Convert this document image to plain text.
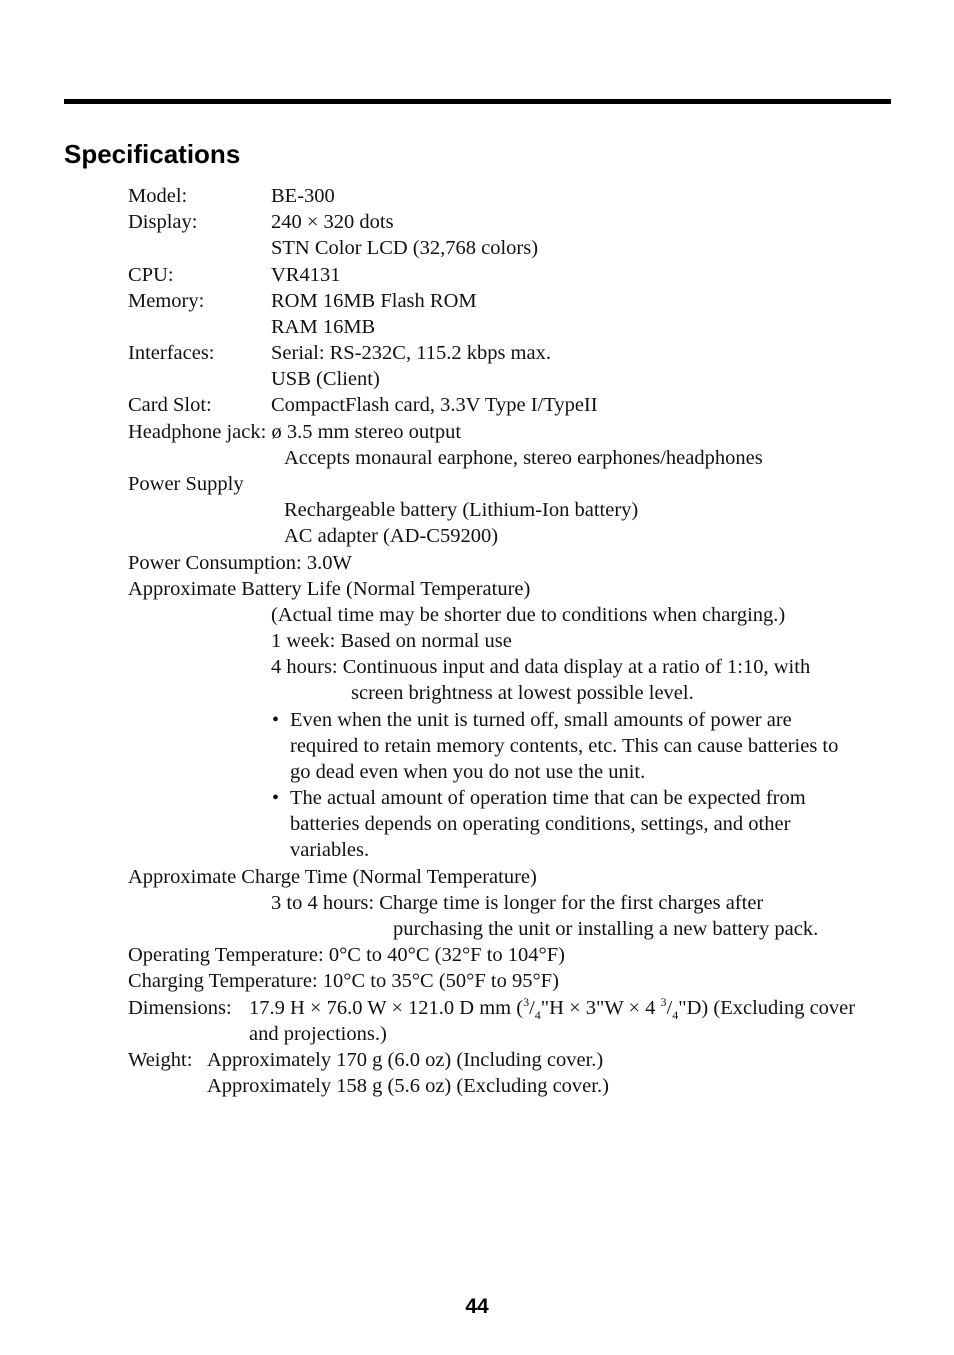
Specifications
Model:	BE-300
Display:	240 × 320 dots
STN Color LCD (32,768 colors)
CPU:	VR4131
Memory:	ROM 16MB Flash ROM
RAM 16MB
Interfaces:	Serial: RS-232C, 115.2 kbps max.
USB (Client)
Card Slot:	CompactFlash card, 3.3V Type I/TypeII
Headphone jack: ø 3.5 mm stereo output
Accepts monaural earphone, stereo earphones/headphones
Power Supply
Rechargeable battery (Lithium-Ion battery)
AC adapter (AD-C59200)
Power Consumption: 3.0W
Approximate Battery Life (Normal Temperature)
(Actual time may be shorter due to conditions when charging.)
1 week: Based on normal use
4 hours: Continuous input and data display at a ratio of 1:10, with
screen brightness at lowest possible level.
• Even when the unit is turned off, small amounts of power are
required to retain memory contents, etc. This can cause batteries to
go dead even when you do not use the unit.
• The actual amount of operation time that can be expected from
batteries depends on operating conditions, settings, and other
variables.
Approximate Charge Time (Normal Temperature)
3 to 4 hours: Charge time is longer for the first charges after
purchasing the unit or installing a new battery pack.
Operating Temperature: 0°C to 40°C (32°F to 104°F)
Charging Temperature: 10°C to 35°C (50°F to 95°F)
Dimensions: 17.9 H × 76.0 W × 121.0 D mm ($^3/_4"H$ × 3"W × 4 $^3/_4"D$) (Excluding cover
and projections.)
Weight: Approximately 170 g (6.0 oz) (Including cover.)
Approximately 158 g (5.6 oz) (Excluding cover.)
44
